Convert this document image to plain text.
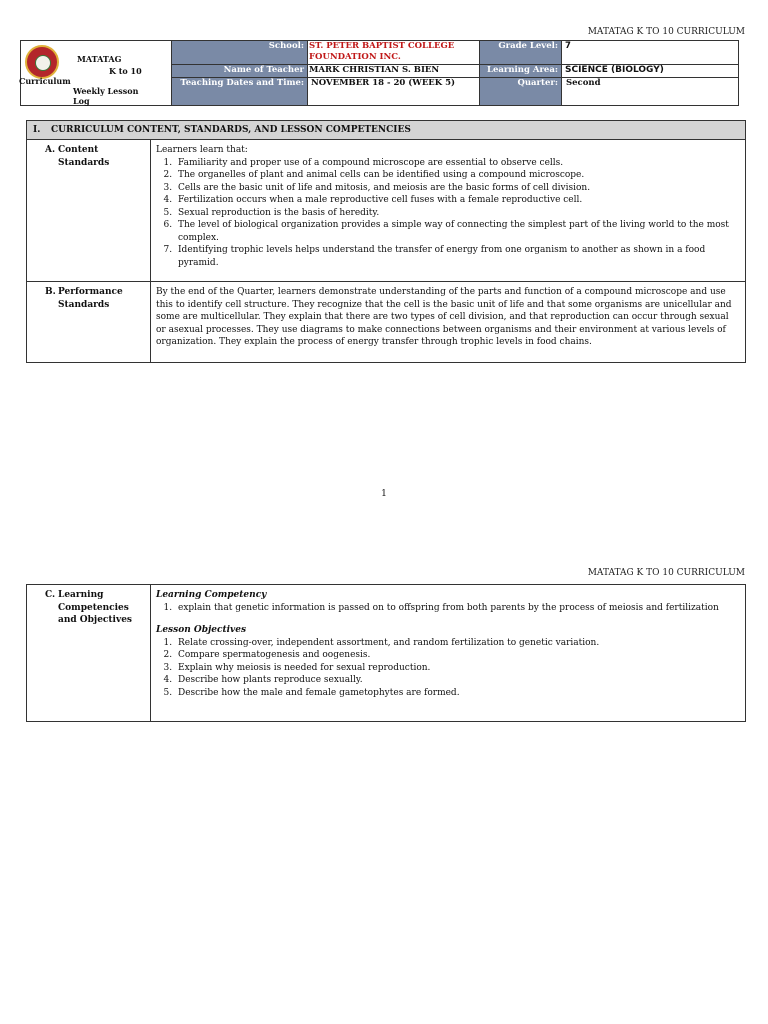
MATATAG K TO 10 CURRICULUM
MATATAG
K to 10
Curriculum
Weekly Lesson
Log
School: ST. PETER BAPTIST COLLEGE
FOUNDATION INC.
Grade Level: 7
Name of Teacher MARK CHRISTIAN S. BIEN	Learning Area: SCIENCE (BIOLOGY)
Teaching Dates and Time: NOVEMBER 18 - 20 (WEEK 5)	Quarter: Second
I. CURRICULUM CONTENT, STANDARDS, AND LESSON COMPETENCIES
A. Content
Standards
Learners learn that:
1. Familiarity and proper use of a compound microscope are essential to observe cells.
2. The organelles of plant and animal cells can be identified using a compound microscope.
3. Cells are the basic unit of life and mitosis, and meiosis are the basic forms of cell division.
4. Fertilization occurs when a male reproductive cell fuses with a female reproductive cell.
5. Sexual reproduction is the basis of heredity.
6. The level of biological organization provides a simple way of connecting the simplest part of the living world to the most complex.
7. Identifying trophic levels helps understand the transfer of energy from one organism to another as shown in a food pyramid.
B. Performance
Standards
By the end of the Quarter, learners demonstrate understanding of the parts and function of a compound microscope and use this to identify cell structure. They recognize that the cell is the basic unit of life and that some organisms are unicellular and some are multicellular. They explain that there are two types of cell division, and that reproduction can occur through sexual or asexual processes. They use diagrams to make connections between organisms and their environment at various levels of organization. They explain the process of energy transfer through trophic levels in food chains.
1
MATATAG K TO 10 CURRICULUM
C. Learning
Competencies
and Objectives
Learning Competency
1. explain that genetic information is passed on to offspring from both parents by the process of meiosis and fertilization
Lesson Objectives
1. Relate crossing-over, independent assortment, and random fertilization to genetic variation.
2. Compare spermatogenesis and oogenesis.
3. Explain why meiosis is needed for sexual reproduction.
4. Describe how plants reproduce sexually.
5. Describe how the male and female gametophytes are formed.
